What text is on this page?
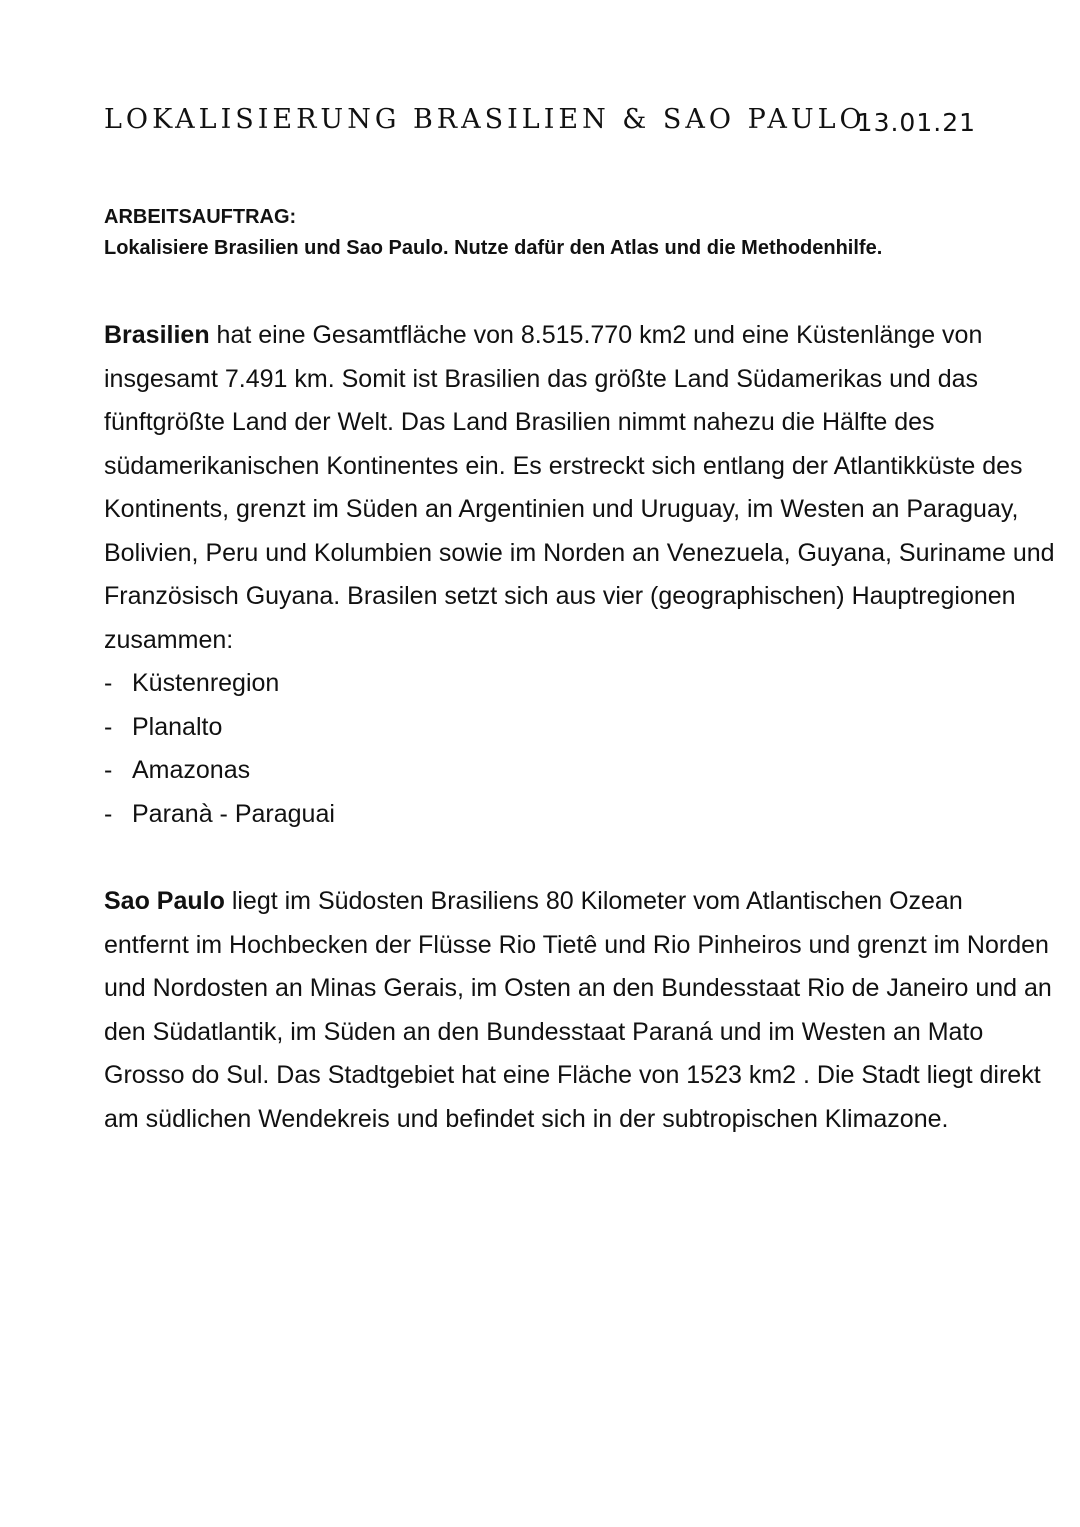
LOKALISIERUNG BRASILIEN & SAO PAULO
13.01.21
ARBEITSAUFTRAG:
Lokalisiere Brasilien und Sao Paulo. Nutze dafür den Atlas und die Methodenhilfe.
Brasilien hat eine Gesamtfläche von 8.515.770 km2 und eine Küstenlänge von
insgesamt 7.491 km. Somit ist Brasilien das größte Land Südamerikas und das
fünftgrößte Land der Welt. Das Land Brasilien nimmt nahezu die Hälfte des
südamerikanischen Kontinentes ein. Es erstreckt sich entlang der Atlantikküste des
Kontinents, grenzt im Süden an Argentinien und Uruguay, im Westen an Paraguay,
Bolivien, Peru und Kolumbien sowie im Norden an Venezuela, Guyana, Suriname und
Französisch Guyana. Brasilen setzt sich aus vier (geographischen) Hauptregionen
zusammen:
- Küstenregion
- Planalto
- Amazonas
- Paranà - Paraguai
Sao Paulo liegt im Südosten Brasiliens 80 Kilometer vom Atlantischen Ozean
entfernt im Hochbecken der Flüsse Rio Tietê und Rio Pinheiros und grenzt im Norden
und Nordosten an Minas Gerais, im Osten an den Bundesstaat Rio de Janeiro und an
den Südatlantik, im Süden an den Bundesstaat Paraná und im Westen an Mato
Grosso do Sul. Das Stadtgebiet hat eine Fläche von 1523 km2 . Die Stadt liegt direkt
am südlichen Wendekreis und befindet sich in der subtropischen Klimazone.
